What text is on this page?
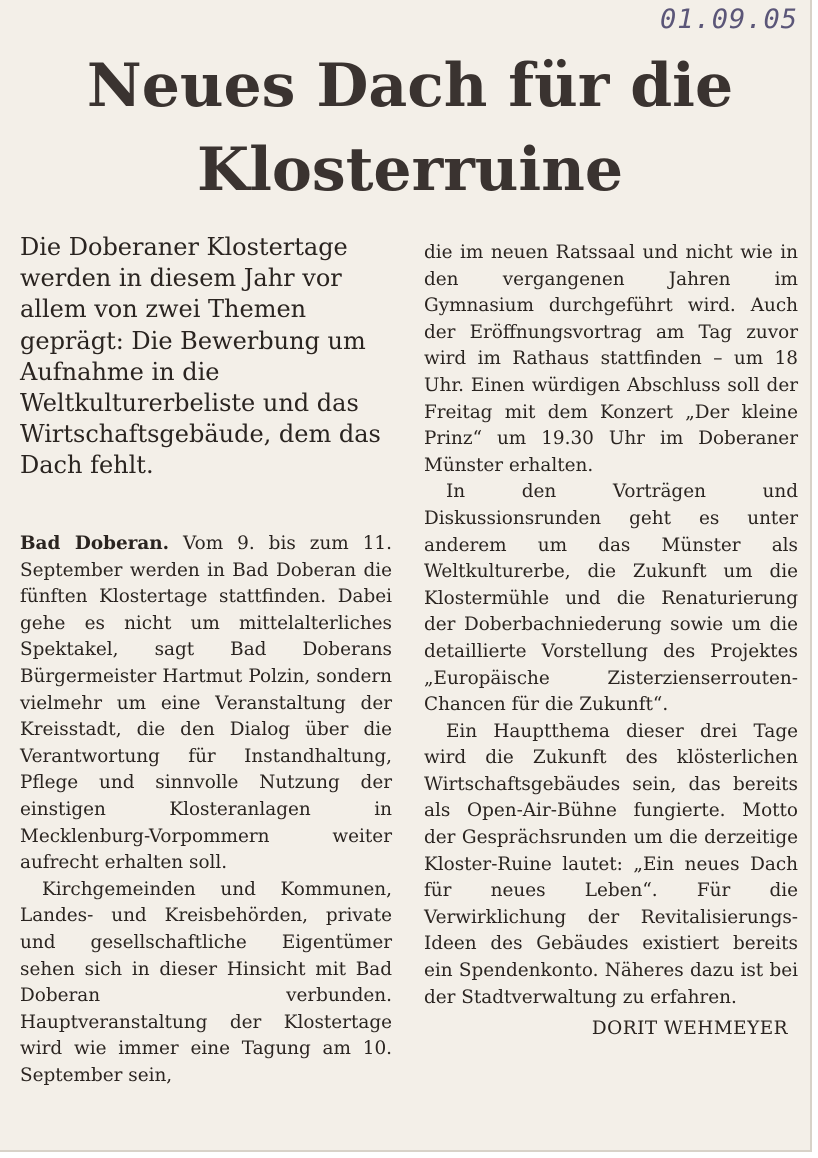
01.09.05
Neues Dach für die Klosterruine

Die Doberaner Klostertage werden in diesem Jahr vor allem von zwei Themen geprägt: Die Bewerbung um Aufnahme in die Weltkulturerbeliste und das Wirtschaftsgebäude, dem das Dach fehlt.

Bad Doberan. Vom 9. bis zum 11. September werden in Bad Doberan die fünften Klostertage stattfinden. Dabei gehe es nicht um mittelalterliches Spektakel, sagt Bad Doberans Bürgermeister Hartmut Polzin, sondern vielmehr um eine Veranstaltung der Kreisstadt, die den Dialog über die Verantwortung für Instandhaltung, Pflege und sinnvolle Nutzung der einstigen Klosteranlagen in Mecklenburg-Vorpommern weiter aufrecht erhalten soll.

Kirchgemeinden und Kommunen, Landes- und Kreisbehörden, private und gesellschaftliche Eigentümer sehen sich in dieser Hinsicht mit Bad Doberan verbunden. Hauptveranstaltung der Klostertage wird wie immer eine Tagung am 10. September sein,

die im neuen Ratssaal und nicht wie in den vergangenen Jahren im Gymnasium durchgeführt wird. Auch der Eröffnungsvortrag am Tag zuvor wird im Rathaus stattfinden – um 18 Uhr. Einen würdigen Abschluss soll der Freitag mit dem Konzert „Der kleine Prinz“ um 19.30 Uhr im Doberaner Münster erhalten.

In den Vorträgen und Diskussionsrunden geht es unter anderem um das Münster als Weltkulturerbe, die Zukunft um die Klostermühle und die Renaturierung der Doberbachniederung sowie um die detaillierte Vorstellung des Projektes „Europäische Zisterzienserrouten-Chancen für die Zukunft“.

Ein Hauptthema dieser drei Tage wird die Zukunft des klösterlichen Wirtschaftsgebäudes sein, das bereits als Open-Air-Bühne fungierte. Motto der Gesprächsrunden um die derzeitige Kloster-Ruine lautet: „Ein neues Dach für neues Leben“. Für die Verwirklichung der Revitalisierungs-Ideen des Gebäudes existiert bereits ein Spendenkonto. Näheres dazu ist bei der Stadtverwaltung zu erfahren.

DORIT WEHMEYER
